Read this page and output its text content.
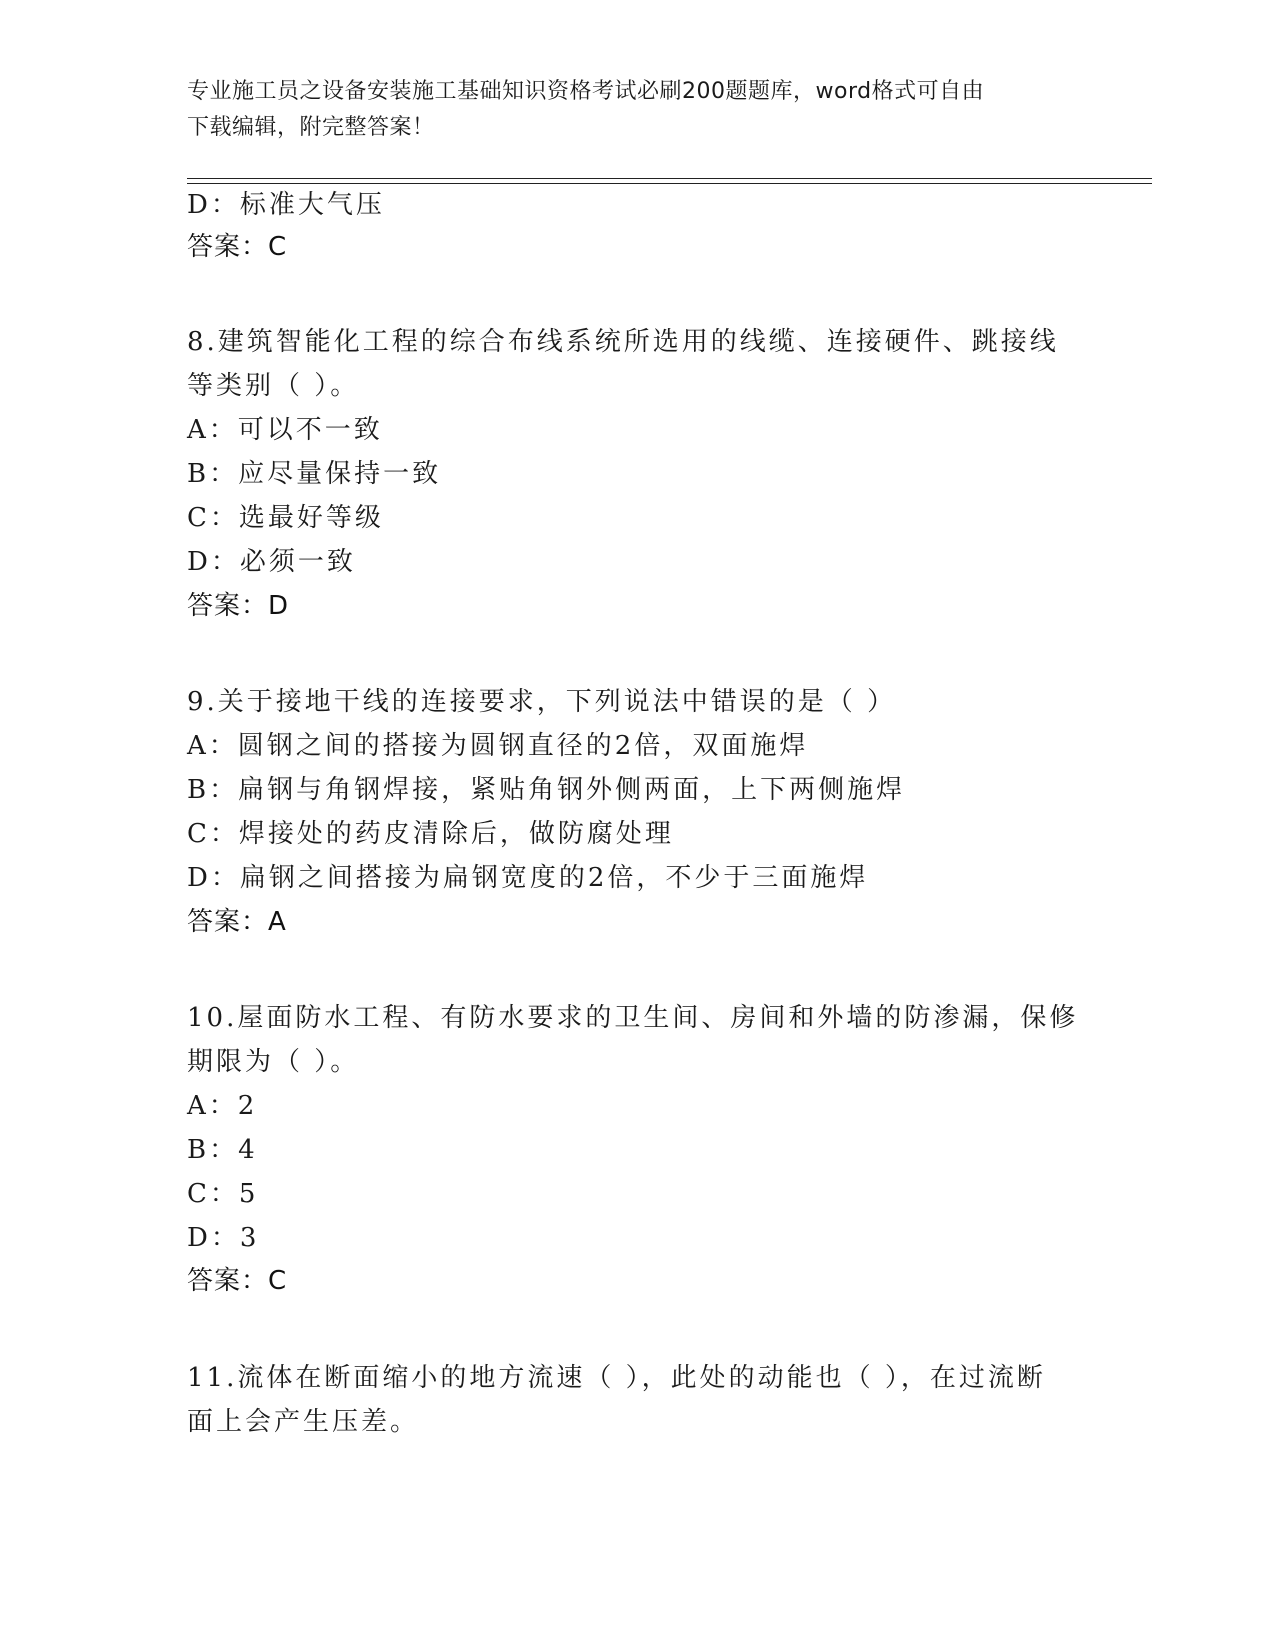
专业施工员之设备安装施工基础知识资格考试必刷200题题库，word格式可自由
下载编辑，附完整答案！
D：标准大气压
答案：C
8.建筑智能化工程的综合布线系统所选用的线缆、连接硬件、跳接线
等类别（ ）。
A：可以不一致
B：应尽量保持一致
C：选最好等级
D：必须一致
答案：D
9.关于接地干线的连接要求，下列说法中错误的是（ ）
A：圆钢之间的搭接为圆钢直径的2倍，双面施焊
B：扁钢与角钢焊接，紧贴角钢外侧两面，上下两侧施焊
C：焊接处的药皮清除后，做防腐处理
D：扁钢之间搭接为扁钢宽度的2倍，不少于三面施焊
答案：A
10.屋面防水工程、有防水要求的卫生间、房间和外墙的防渗漏，保修
期限为（ ）。
A：2
B：4
C：5
D：3
答案：C
11.流体在断面缩小的地方流速（ ），此处的动能也（ ），在过流断
面上会产生压差。
